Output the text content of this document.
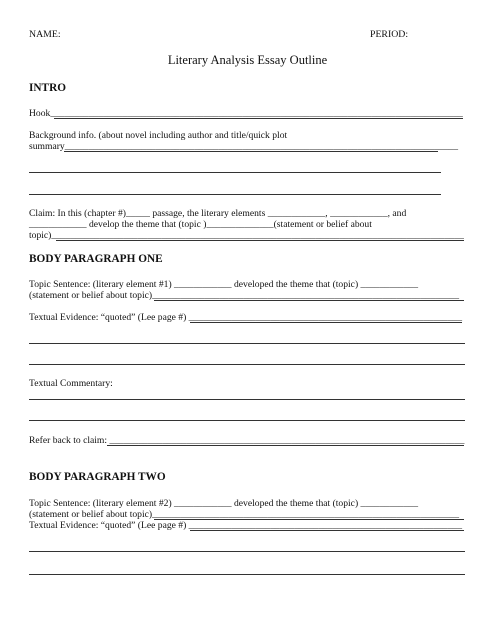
NAME:	PERIOD:

Literary Analysis Essay Outline

INTRO

Hook______________________________________________________________________________________

Background info. (about novel including author and title/quick plot

summary__________________________________________________________________________________

Claim: In this (chapter #)_____ passage, the literary elements ____________, ____________, and

____________ develop the theme that (topic )______________(statement or belief about

topic)______________________________________________________________________________________

BODY PARAGRAPH ONE

Topic Sentence: (literary element #1) ____________ developed the theme that (topic) ____________

(statement or belief about topic)________________________________________________________________

Textual Evidence: “quoted” (Lee page #) _________________________________________________________

Textual Commentary:

Refer back to claim: __________________________________________________________________________

BODY PARAGRAPH TWO

Topic Sentence: (literary element #2) ____________ developed the theme that (topic) ____________

(statement or belief about topic)________________________________________________________________

Textual Evidence: “quoted” (Lee page #) _________________________________________________________
